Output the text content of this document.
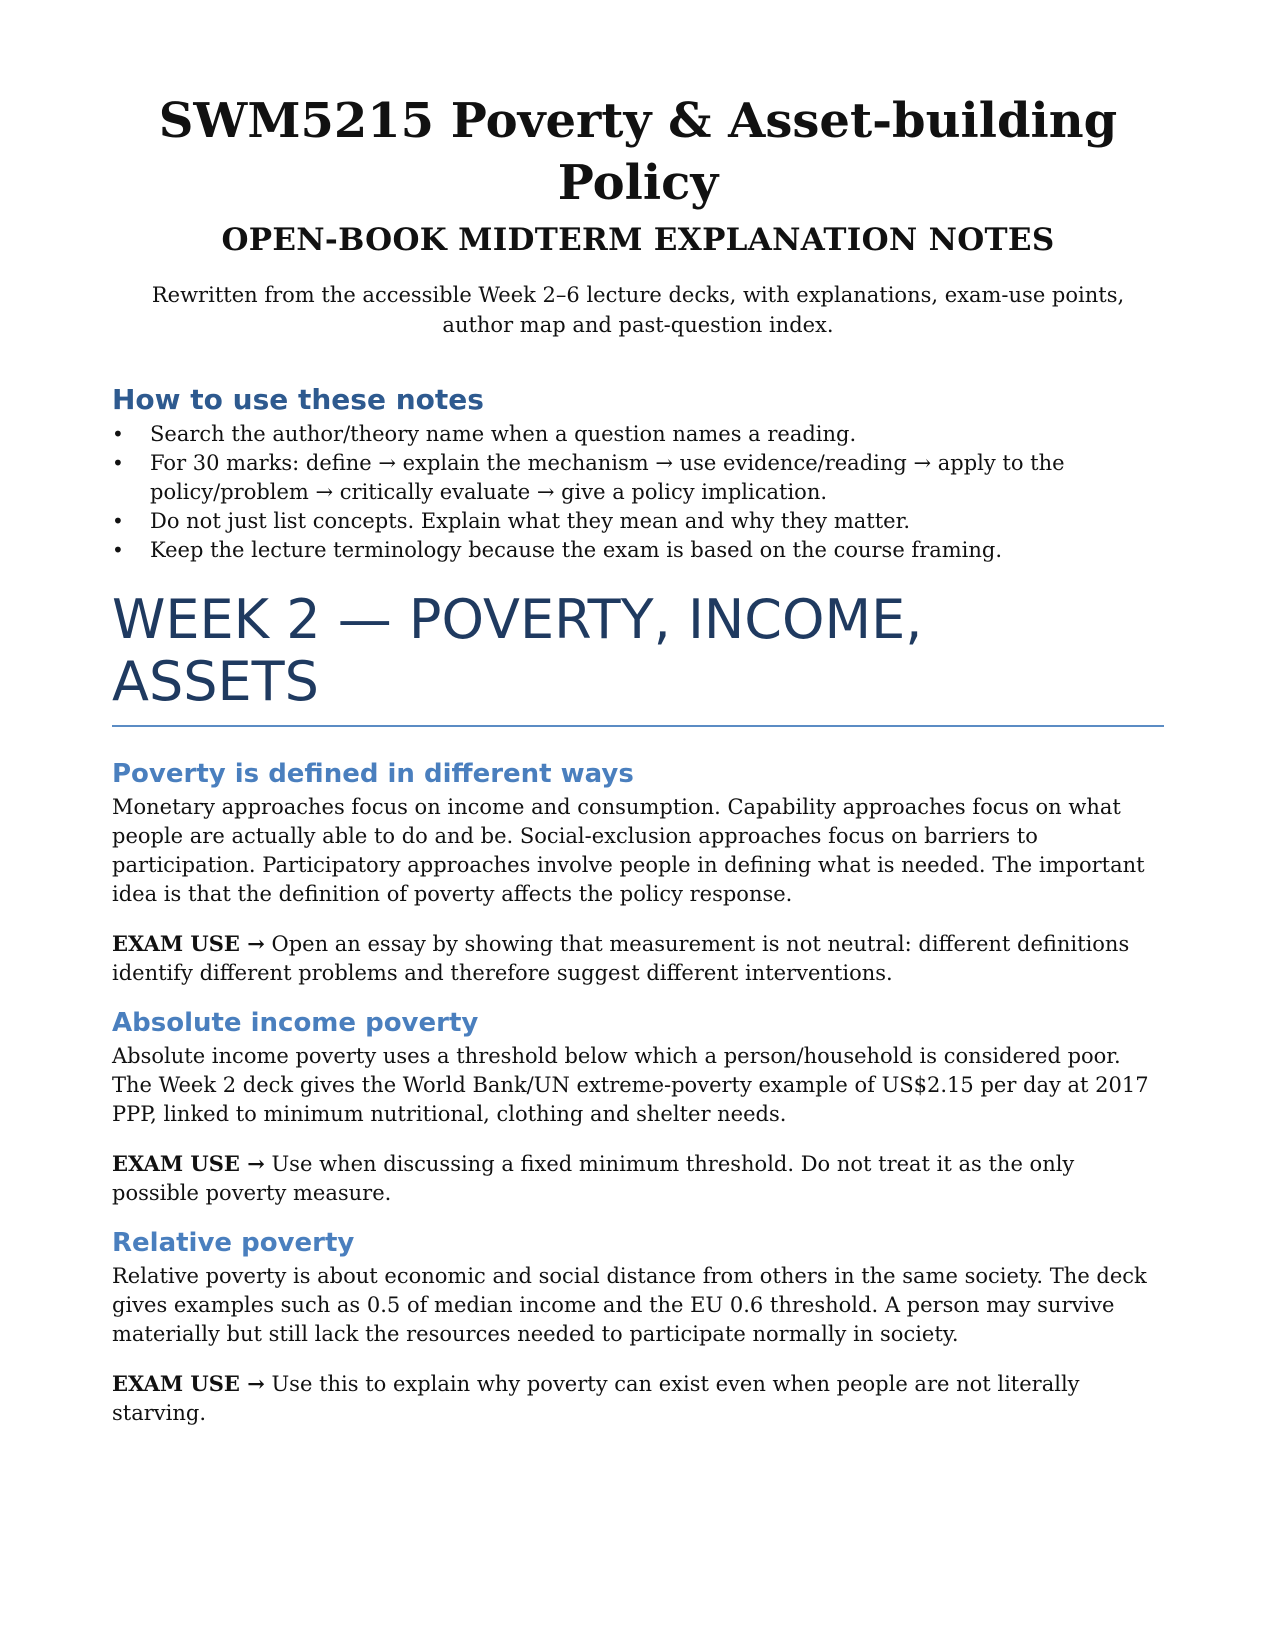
SWM5215 Poverty & Asset-building Policy
OPEN-BOOK MIDTERM EXPLANATION NOTES
Rewritten from the accessible Week 2–6 lecture decks, with explanations, exam-use points, author map and past-question index.
How to use these notes
•	Search the author/theory name when a question names a reading.
•	For 30 marks: define → explain the mechanism → use evidence/reading → apply to the policy/problem → critically evaluate → give a policy implication.
•	Do not just list concepts. Explain what they mean and why they matter.
•	Keep the lecture terminology because the exam is based on the course framing.
WEEK 2 — POVERTY, INCOME, ASSETS
Poverty is defined in different ways

Monetary approaches focus on income and consumption. Capability approaches focus on what people are actually able to do and be. Social-exclusion approaches focus on barriers to participation. Participatory approaches involve people in defining what is needed. The important idea is that the definition of poverty affects the policy response.

EXAM USE → Open an essay by showing that measurement is not neutral: different definitions identify different problems and therefore suggest different interventions.

Absolute income poverty

Absolute income poverty uses a threshold below which a person/household is considered poor. The Week 2 deck gives the World Bank/UN extreme-poverty example of US$2.15 per day at 2017 PPP, linked to minimum nutritional, clothing and shelter needs.

EXAM USE → Use when discussing a fixed minimum threshold. Do not treat it as the only possible poverty measure.

Relative poverty

Relative poverty is about economic and social distance from others in the same society. The deck gives examples such as 0.5 of median income and the EU 0.6 threshold. A person may survive materially but still lack the resources needed to participate normally in society.

EXAM USE → Use this to explain why poverty can exist even when people are not literally starving.
